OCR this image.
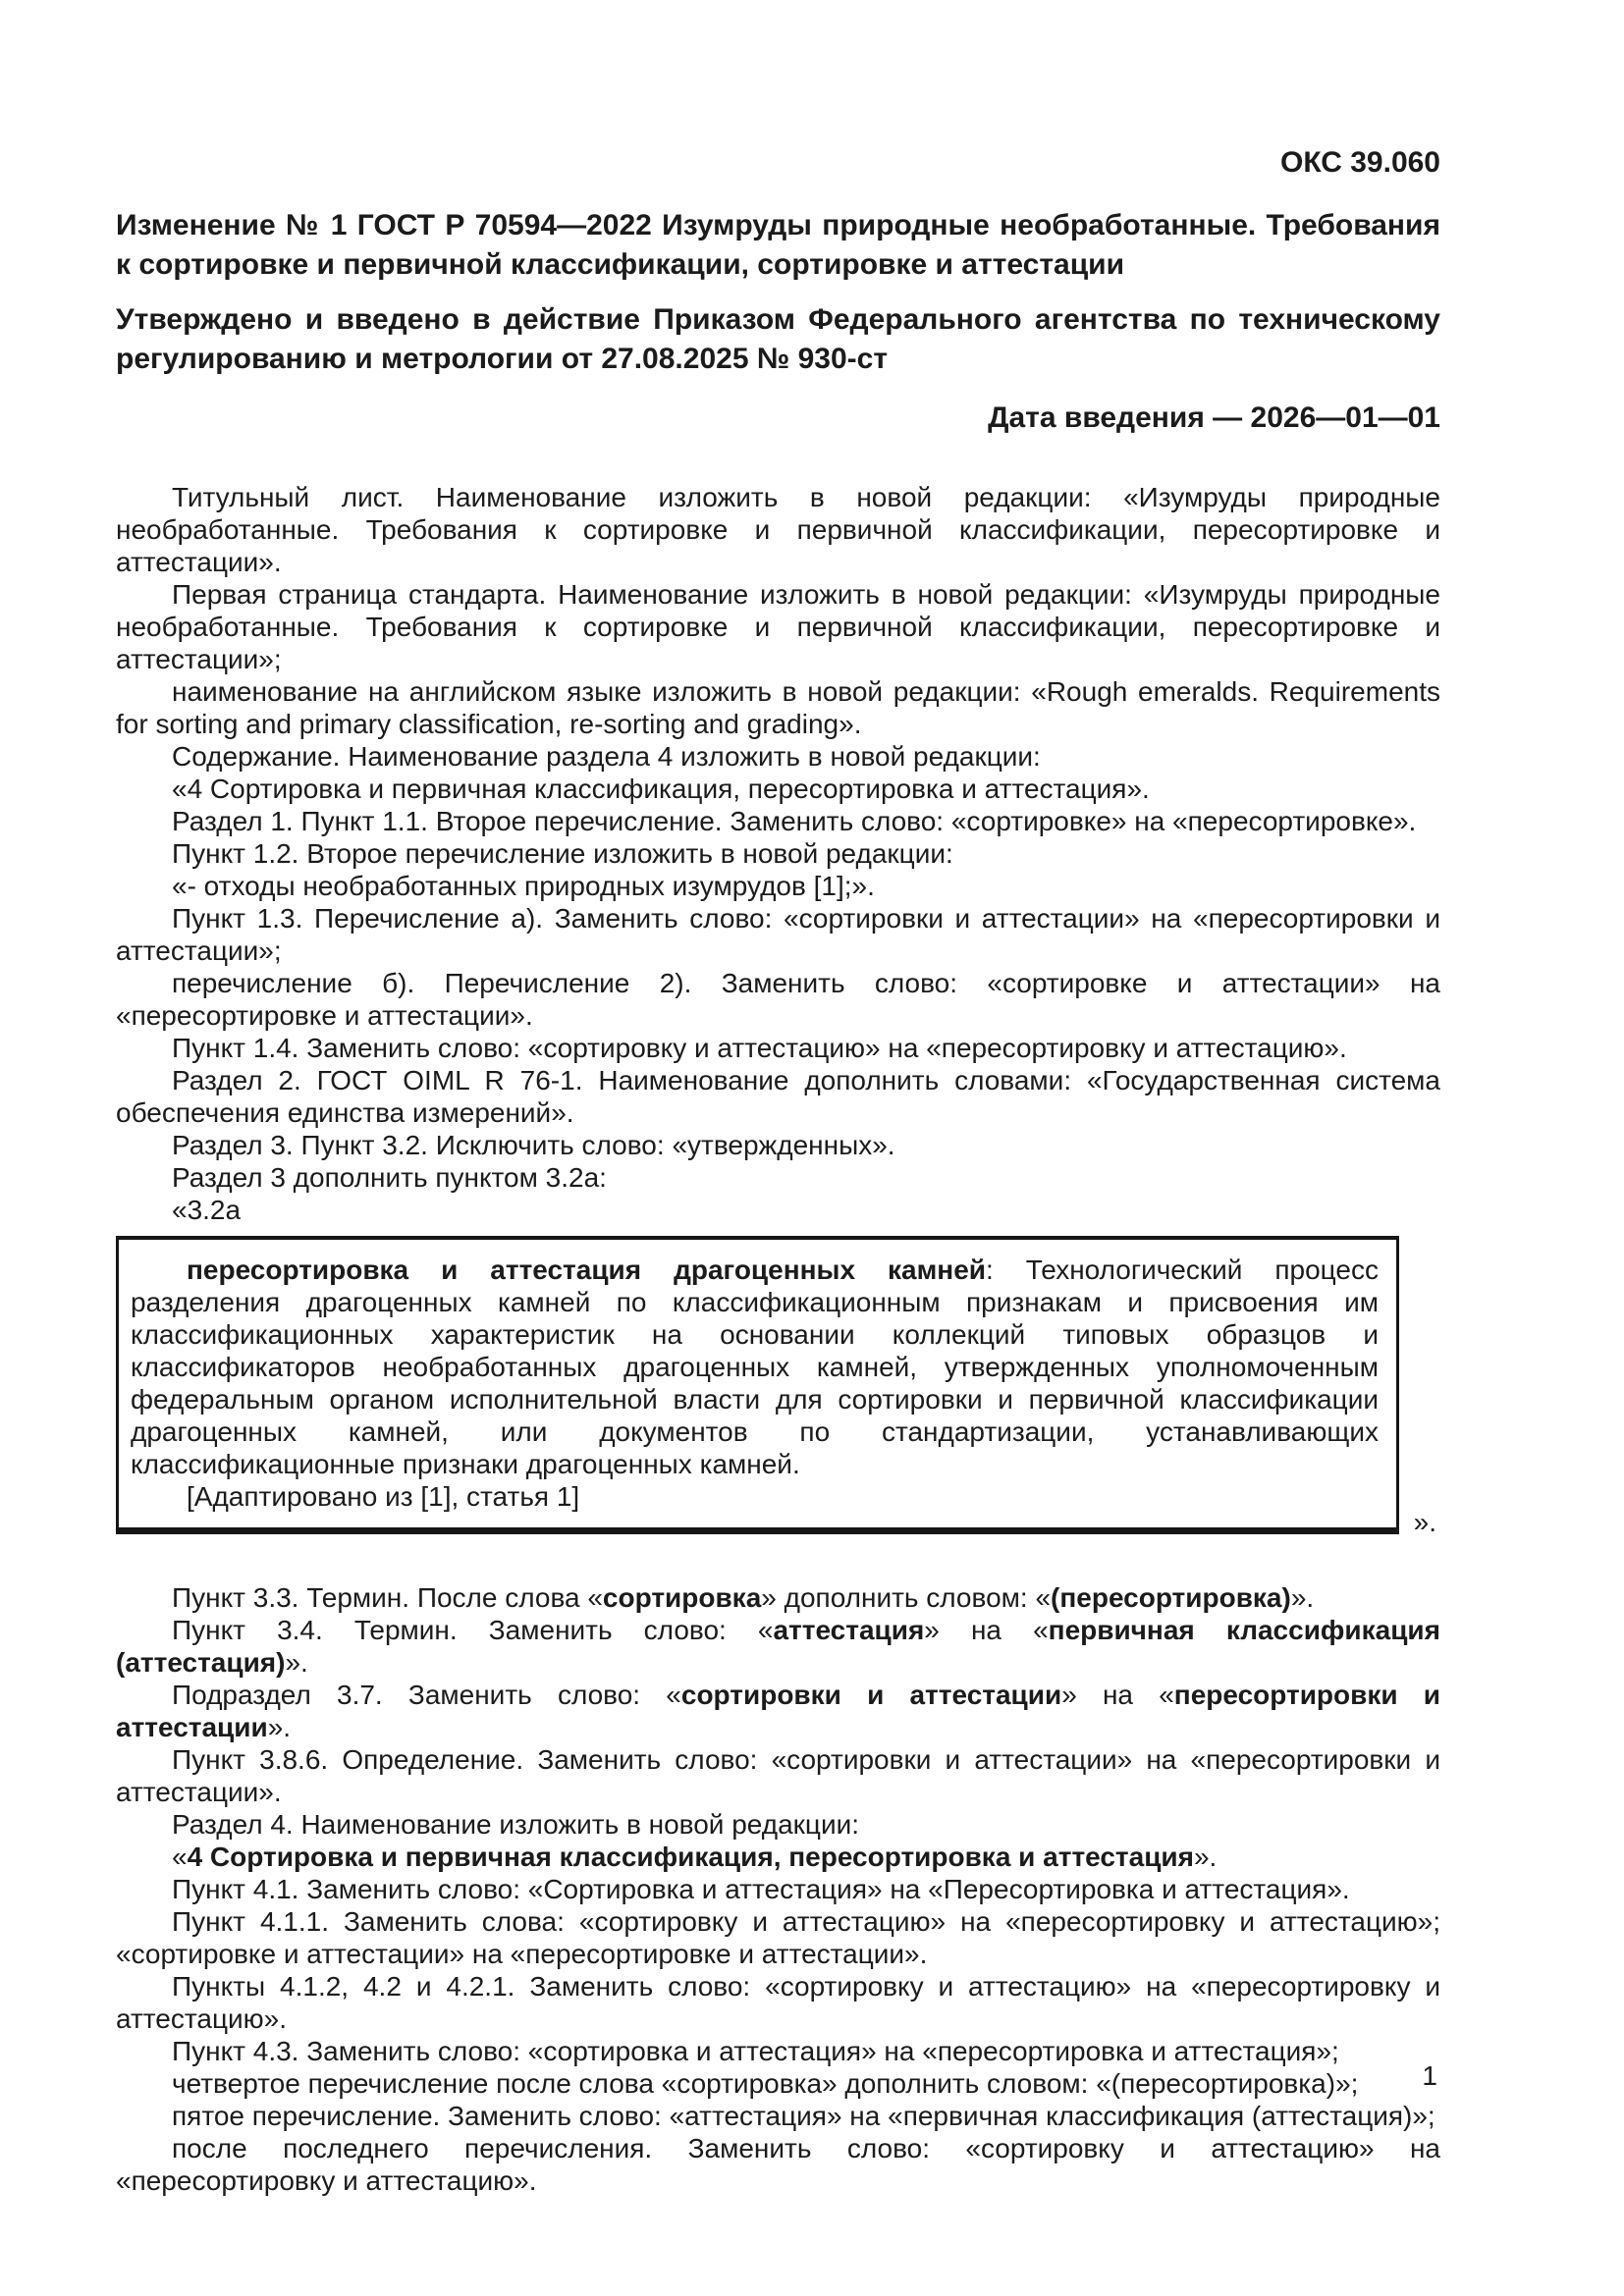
ОКС 39.060

Изменение № 1 ГОСТ Р 70594—2022 Изумруды природные необработанные. Требования к сортировке и первичной классификации, сортировке и аттестации

Утверждено и введено в действие Приказом Федерального агентства по техническому регулированию и метрологии от 27.08.2025 № 930-ст

Дата введения — 2026—01—01

Титульный лист. Наименование изложить в новой редакции: «Изумруды природные необработанные. Требования к сортировке и первичной классификации, пересортировке и аттестации».

Первая страница стандарта. Наименование изложить в новой редакции: «Изумруды природные необработанные. Требования к сортировке и первичной классификации, пересортировке и аттестации»;

наименование на английском языке изложить в новой редакции: «Rough emeralds. Requirements for sorting and primary classification, re-sorting and grading».

Содержание. Наименование раздела 4 изложить в новой редакции:

«4 Сортировка и первичная классификация, пересортировка и аттестация».

Раздел 1. Пункт 1.1. Второе перечисление. Заменить слово: «сортировке» на «пересортировке».

Пункт 1.2. Второе перечисление изложить в новой редакции:

«- отходы необработанных природных изумрудов [1];».

Пункт 1.3. Перечисление а). Заменить слово: «сортировки и аттестации» на «пересортировки и аттестации»;

перечисление б). Перечисление 2). Заменить слово: «сортировке и аттестации» на «пересортировке и аттестации».

Пункт 1.4. Заменить слово: «сортировку и аттестацию» на «пересортировку и аттестацию».

Раздел 2. ГОСТ OIML R 76-1. Наименование дополнить словами: «Государственная система обеспечения единства измерений».

Раздел 3. Пункт 3.2. Исключить слово: «утвержденных».

Раздел 3 дополнить пунктом 3.2а:

«3.2а

пересортировка и аттестация драгоценных камней: Технологический процесс разделения драгоценных камней по классификационным признакам и присвоения им классификационных характеристик на основании коллекций типовых образцов и классификаторов необработанных драгоценных камней, утвержденных уполномоченным федеральным органом исполнительной власти для сортировки и первичной классификации драгоценных камней, или документов по стандартизации, устанавливающих классификационные признаки драгоценных камней.

[Адаптировано из [1], статья 1]

».

Пункт 3.3. Термин. После слова «сортировка» дополнить словом: «(пересортировка)».

Пункт 3.4. Термин. Заменить слово: «аттестация» на «первичная классификация (аттестация)».

Подраздел 3.7. Заменить слово: «сортировки и аттестации» на «пересортировки и аттестации».

Пункт 3.8.6. Определение. Заменить слово: «сортировки и аттестации» на «пересортировки и аттестации».

Раздел 4. Наименование изложить в новой редакции:

«4 Сортировка и первичная классификация, пересортировка и аттестация».

Пункт 4.1. Заменить слово: «Сортировка и аттестация» на «Пересортировка и аттестация».

Пункт 4.1.1. Заменить слова: «сортировку и аттестацию» на «пересортировку и аттестацию»; «сортировке и аттестации» на «пересортировке и аттестации».

Пункты 4.1.2, 4.2 и 4.2.1. Заменить слово: «сортировку и аттестацию» на «пересортировку и аттестацию».

Пункт 4.3. Заменить слово: «сортировка и аттестация» на «пересортировка и аттестация»;

четвертое перечисление после слова «сортировка» дополнить словом: «(пересортировка)»;

пятое перечисление. Заменить слово: «аттестация» на «первичная классификация (аттестация)»;

после последнего перечисления. Заменить слово: «сортировку и аттестацию» на «пересортировку и аттестацию».

1
